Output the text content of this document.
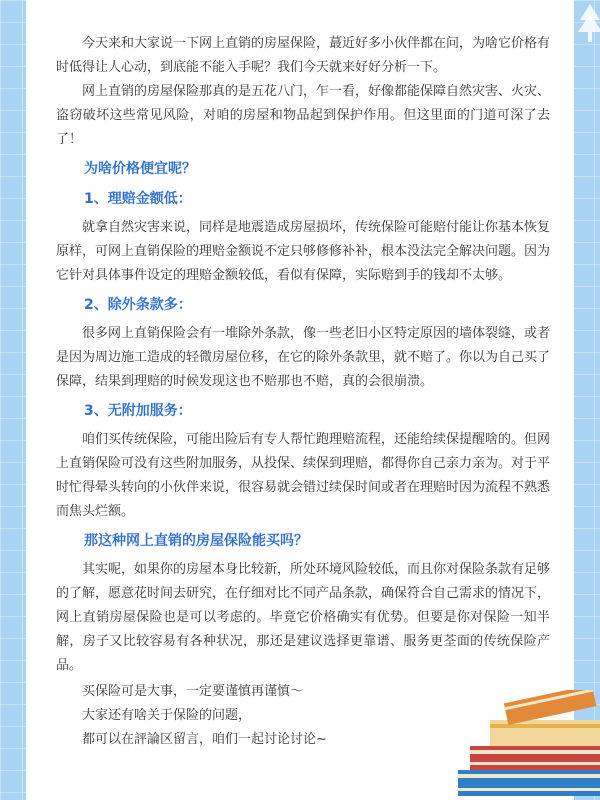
今天来和大家说一下网上直销的房屋保险，蕞近好多小伙伴都在问，为啥它价格有时低得让人心动，到底能不能入手呢？我们今天就来好好分析一下。

网上直销的房屋保险那真的是五花八门，乍一看，好像都能保障自然灾害、火灾、盗窃破坏这些常见风险，对咱的房屋和物品起到保护作用。但这里面的门道可深了去了！

为啥价格便宜呢？
1、理赔金额低：

就拿自然灾害来说，同样是地震造成房屋损坏，传统保险可能赔付能让你基本恢复原样，可网上直销保险的理赔金额说不定只够修修补补，根本没法完全解决问题。因为它针对具体事件设定的理赔金额较低，看似有保障，实际赔到手的钱却不太够。

2、除外条款多：

很多网上直销保险会有一堆除外条款，像一些老旧小区特定原因的墙体裂缝，或者是因为周边施工造成的轻微房屋位移，在它的除外条款里，就不赔了。你以为自己买了保障，结果到理赔的时候发现这也不赔那也不赔，真的会很崩溃。

3、无附加服务：

咱们买传统保险，可能出险后有专人帮忙跑理赔流程，还能给续保提醒啥的。但网上直销保险可没有这些附加服务，从投保、续保到理赔，都得你自己亲力亲为。对于平时忙得晕头转向的小伙伴来说，很容易就会错过续保时间或者在理赔时因为流程不熟悉而焦头烂额。

那这种网上直销的房屋保险能买吗？

其实呢，如果你的房屋本身比较新，所处环境风险较低，而且你对保险条款有足够的了解，愿意花时间去研究，在仔细对比不同产品条款，确保符合自己需求的情况下，网上直销房屋保险也是可以考虑的。毕竟它价格确实有优势。但要是你对保险一知半解，房子又比较容易有各种状况，那还是建议选择更靠谱、服务更荃面的传统保险产品。

买保险可是大事，一定要谨慎再谨慎～

大家还有啥关于保险的问题，

都可以在評論区留言，咱们一起讨论讨论~
